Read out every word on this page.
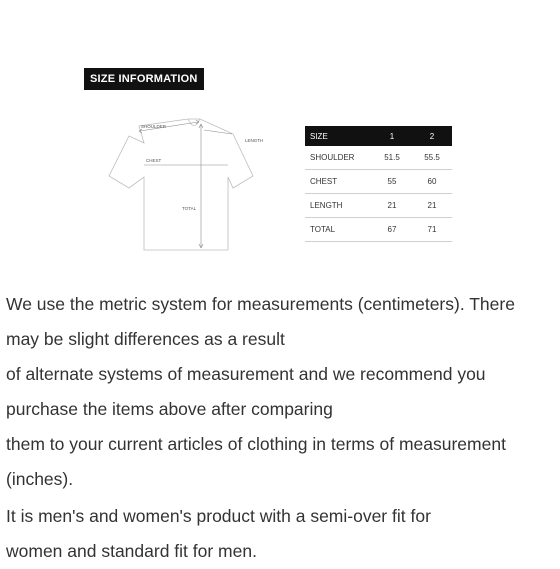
SIZE INFORMATION
SHOULDER
CHEST
LENGTH
TOTAL
SIZE	1	2
SHOULDER	51.5	55.5
CHEST	55	60
LENGTH	21	21
TOTAL	67	71

We use the metric system for measurements (centimeters). There

may be slight differences as a result

of alternate systems of measurement and we recommend you

purchase the items above after comparing

them to your current articles of clothing in terms of measurement

(inches).

It is men's and women's product with a semi-over fit for

women and standard fit for men.
